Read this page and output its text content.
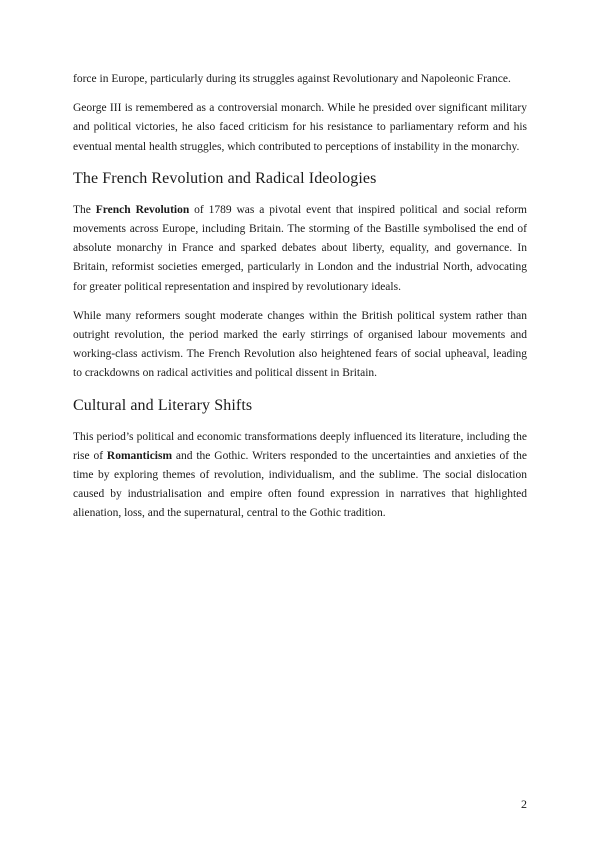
force in Europe, particularly during its struggles against Revolutionary and Napoleonic France.

George III is remembered as a controversial monarch. While he presided over significant military and political victories, he also faced criticism for his resistance to parliamentary reform and his eventual mental health struggles, which contributed to perceptions of instability in the monarchy.

The French Revolution and Radical Ideologies

The French Revolution of 1789 was a pivotal event that inspired political and social reform movements across Europe, including Britain. The storming of the Bastille symbolised the end of absolute monarchy in France and sparked debates about liberty, equality, and governance. In Britain, reformist societies emerged, particularly in London and the industrial North, advocating for greater political representation and inspired by revolutionary ideals.

While many reformers sought moderate changes within the British political system rather than outright revolution, the period marked the early stirrings of organised labour movements and working-class activism. The French Revolution also heightened fears of social upheaval, leading to crackdowns on radical activities and political dissent in Britain.

Cultural and Literary Shifts

This period’s political and economic transformations deeply influenced its literature, including the rise of Romanticism and the Gothic. Writers responded to the uncertainties and anxieties of the time by exploring themes of revolution, individualism, and the sublime. The social dislocation caused by industrialisation and empire often found expression in narratives that highlighted alienation, loss, and the supernatural, central to the Gothic tradition.

2
